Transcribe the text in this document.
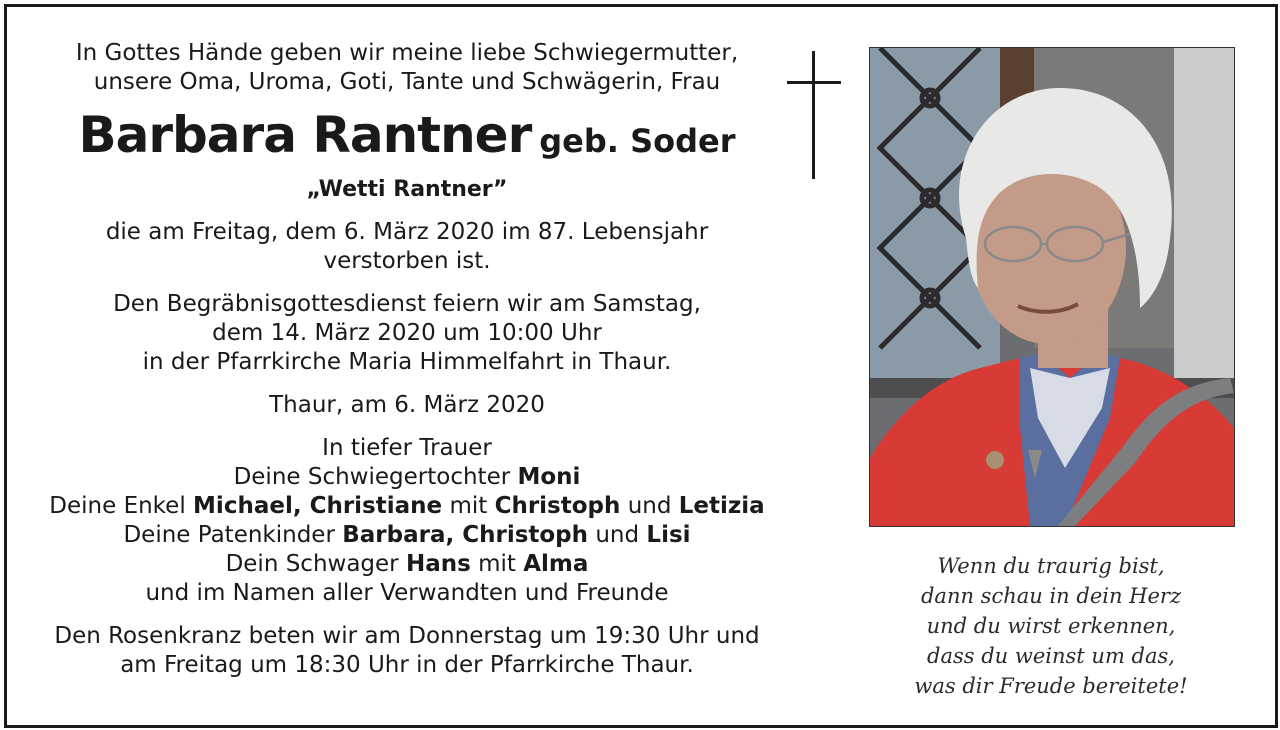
In Gottes Hände geben wir meine liebe Schwiegermutter,

unsere Oma, Uroma, Goti, Tante und Schwägerin, Frau

Barbara Rantner geb. Soder

„Wetti Rantner”

die am Freitag, dem 6. März 2020 im 87. Lebensjahr

verstorben ist.

Den Begräbnisgottesdienst feiern wir am Samstag,

dem 14. März 2020 um 10:00 Uhr

in der Pfarrkirche Maria Himmelfahrt in Thaur.

Thaur, am 6. März 2020

In tiefer Trauer

Deine Schwiegertochter Moni

Deine Enkel Michael, Christiane mit Christoph und Letizia

Deine Patenkinder Barbara, Christoph und Lisi

Dein Schwager Hans mit Alma

und im Namen aller Verwandten und Freunde

Den Rosenkranz beten wir am Donnerstag um 19:30 Uhr und

am Freitag um 18:30 Uhr in der Pfarrkirche Thaur.

Wenn du traurig bist,

dann schau in dein Herz

und du wirst erkennen,

dass du weinst um das,

was dir Freude bereitete!
